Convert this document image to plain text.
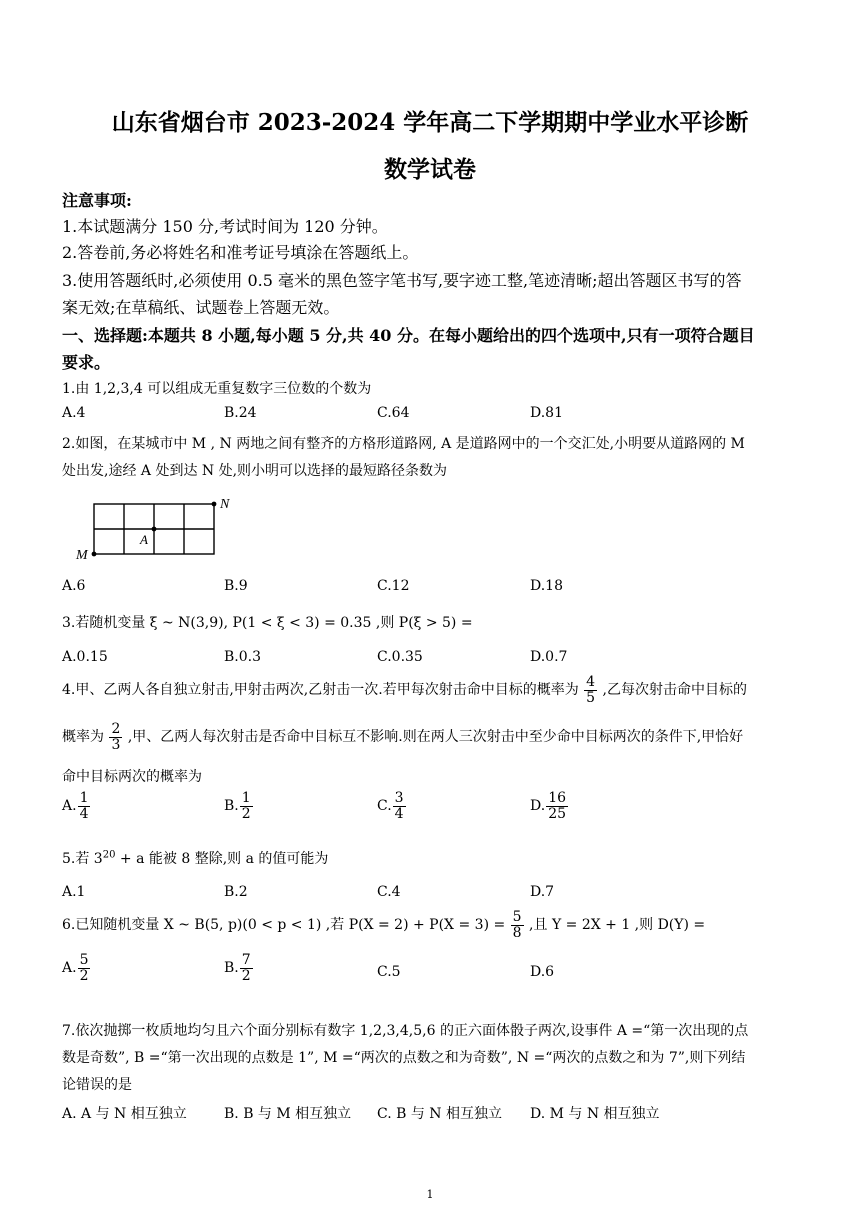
山东省烟台市 2023-2024 学年高二下学期期中学业水平诊断
数学试卷
注意事项:
1.本试题满分 150 分,考试时间为 120 分钟。
2.答卷前,务必将姓名和准考证号填涂在答题纸上。
3.使用答题纸时,必须使用 0.5 毫米的黑色签字笔书写,要字迹工整,笔迹清晰;超出答题区书写的答
案无效;在草稿纸、试题卷上答题无效。
一、选择题:本题共 8 小题,每小题 5 分,共 40 分。在每小题给出的四个选项中,只有一项符合题目
要求。
1.由 1,2,3,4 可以组成无重复数字三位数的个数为
A.4	B.24	C.64	D.81
2.如图，在某城市中 M , N 两地之间有整齐的方格形道路网, A 是道路网中的一个交汇处,小明要从道路网的 M
处出发,途经 A 处到达 N 处,则小明可以选择的最短路径条数为
M
A
N
A.6	B.9	C.12	D.18
3.若随机变量 ξ ~ N(3,9), P(1 < ξ < 3) = 0.35 ,则 P(ξ > 5) =
A.0.15	B.0.3	C.0.35	D.0.7
4.甲、乙两人各自独立射击,甲射击两次,乙射击一次.若甲每次射击命中目标的概率为 $\frac{4}{5}$ ,乙每次射击命中目标的
概率为 $\frac{2}{3}$ ,甲、乙两人每次射击是否命中目标互不影响.则在两人三次射击中至少命中目标两次的条件下,甲恰好
命中目标两次的概率为
A. $\frac{1}{4}$	B. $\frac{1}{2}$	C. $\frac{3}{4}$	D. $\frac{16}{25}$
5.若 $3^{20} + a$ 能被 8 整除,则 a 的值可能为
A.1	B.2	C.4	D.7
6.已知随机变量 X ~ B(5, p)(0 < p < 1) ,若 $P(X = 2) + P(X = 3) = \frac{5}{8}$ ,且 Y = 2X + 1 ,则 D(Y) =
A. $\frac{5}{2}$	B. $\frac{7}{2}$	C.5	D.6
7.依次抛掷一枚质地均匀且六个面分别标有数字 1,2,3,4,5,6 的正六面体骰子两次,设事件 A =“第一次出现的点
数是奇数”, B =“第一次出现的点数是 1”, M =“两次的点数之和为奇数”, N =“两次的点数之和为 7”,则下列结
论错误的是
A. A 与 N 相互独立	B. B 与 M 相互独立 C. B 与 N 相互独立 D. M 与 N 相互独立
1
